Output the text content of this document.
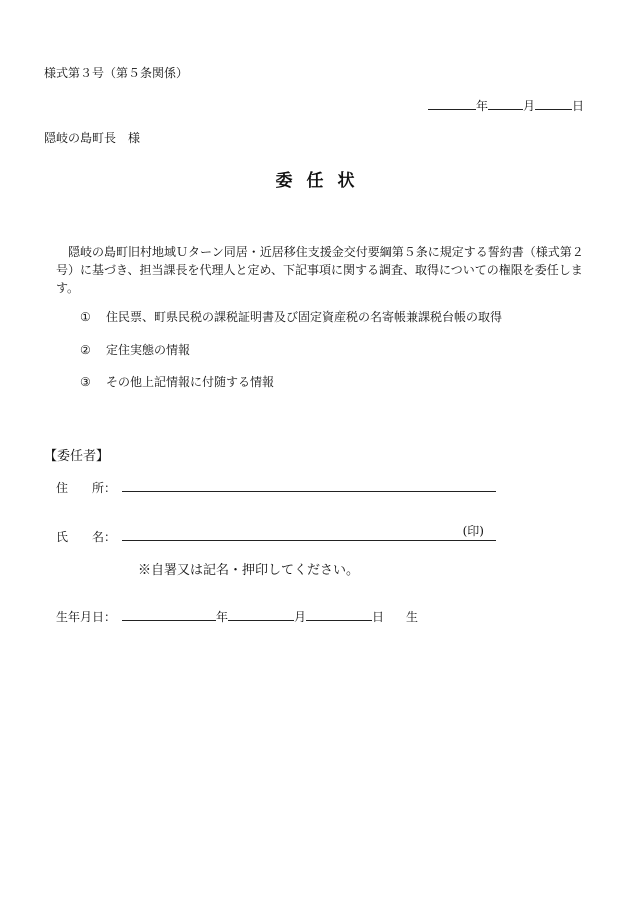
様式第３号（第５条関係）
年	月	日
隠岐の島町長　様
委任状
隠岐の島町旧村地域Ｕターン同居・近居移住支援金交付要綱第５条に規定する誓約書（様式第２号）に基づき、担当課長を代理人と定め、下記事項に関する調査、取得についての権限を委任します。
① 住民票、町県民税の課税証明書及び固定資産税の名寄帳兼課税台帳の取得
② 定住実態の情報
③ その他上記情報に付随する情報
【委任者】
住　　所：
氏　　名：	(印)
※自署又は記名・押印してください。
生年月日：	年	月	日 生
